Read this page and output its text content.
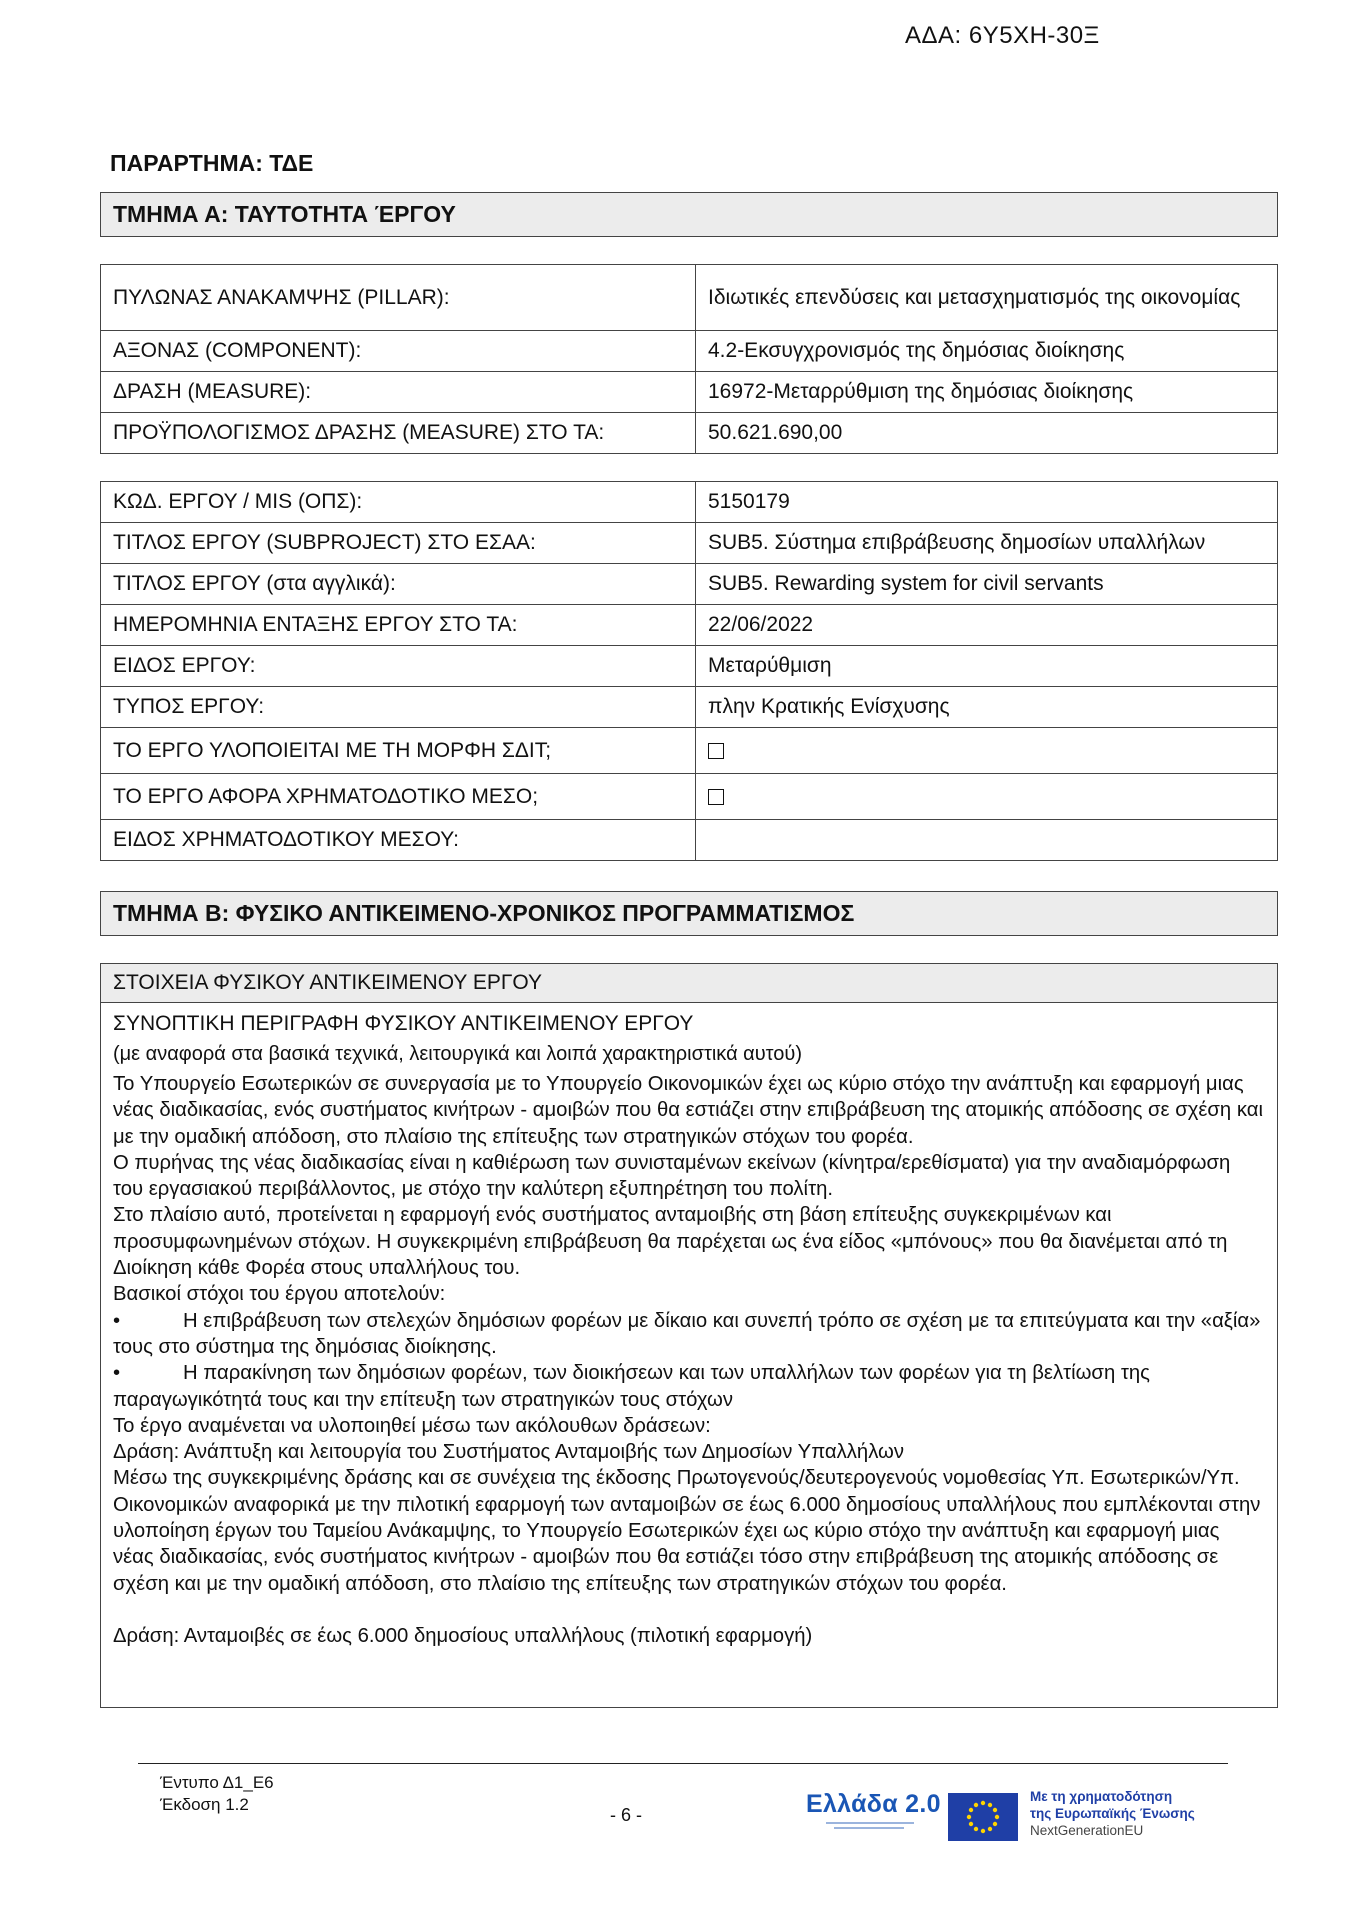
ΑΔΑ: 6Υ5ΧΗ-30Ξ
ΠΑΡΑΡΤΗΜΑ: ΤΔΕ
ΤΜΗΜΑ Α: ΤΑΥΤΟΤΗΤΑ ΈΡΓΟΥ
ΠΥΛΩΝΑΣ ΑΝΑΚΑΜΨΗΣ (PILLAR):	Ιδιωτικές επενδύσεις και μετασχηματισμός της οικονομίας
ΑΞΟΝΑΣ (COMPONENT):	4.2-Εκσυγχρονισμός της δημόσιας διοίκησης
ΔΡΑΣΗ (MEASURE):	16972-Μεταρρύθμιση της δημόσιας διοίκησης
ΠΡΟΫΠΟΛΟΓΙΣΜΟΣ ΔΡΑΣΗΣ (MEASURE) ΣΤΟ ΤΑ:	50.621.690,00
ΚΩΔ. ΕΡΓΟΥ / MIS (ΟΠΣ):	5150179
ΤΙΤΛΟΣ ΕΡΓΟΥ (SUBPROJECT) ΣΤΟ ΕΣΑΑ:	SUB5. Σύστημα επιβράβευσης δημοσίων υπαλλήλων
ΤΙΤΛΟΣ ΕΡΓΟΥ (στα αγγλικά):	SUB5. Rewarding system for civil servants
ΗΜΕΡΟΜΗΝΙΑ ΕΝΤΑΞΗΣ ΕΡΓΟΥ ΣΤΟ ΤΑ:	22/06/2022
ΕΙΔΟΣ ΕΡΓΟΥ:	Μεταρύθμιση
ΤΥΠΟΣ ΕΡΓΟΥ:	πλην Κρατικής Ενίσχυσης
ΤΟ ΕΡΓΟ ΥΛΟΠΟΙΕΙΤΑΙ ΜΕ ΤΗ ΜΟΡΦΗ ΣΔΙΤ;	
ΤΟ ΕΡΓΟ ΑΦΟΡΑ ΧΡΗΜΑΤΟΔΟΤΙΚΟ ΜΕΣΟ;	
ΕΙΔΟΣ ΧΡΗΜΑΤΟΔΟΤΙΚΟΥ ΜΕΣΟΥ:	
ΤΜΗΜΑ Β: ΦΥΣΙΚΟ ΑΝΤΙΚΕΙΜΕΝΟ-ΧΡΟΝΙΚΟΣ ΠΡΟΓΡΑΜΜΑΤΙΣΜΟΣ
ΣΤΟΙΧΕΙΑ ΦΥΣΙΚΟΥ ΑΝΤΙΚΕΙΜΕΝΟΥ ΕΡΓΟΥ
ΣΥΝΟΠΤΙΚΗ ΠΕΡΙΓΡΑΦΗ ΦΥΣΙΚΟΥ ΑΝΤΙΚΕΙΜΕΝΟΥ ΕΡΓΟΥ
(με αναφορά στα βασικά τεχνικά, λειτουργικά και λοιπά χαρακτηριστικά αυτού)
Το Υπουργείο Εσωτερικών σε συνεργασία με το Υπουργείο Οικονομικών έχει ως κύριο στόχο την ανάπτυξη και εφαρμογή μιας νέας διαδικασίας, ενός συστήματος κινήτρων - αμοιβών που θα εστιάζει στην επιβράβευση της ατομικής απόδοσης σε σχέση και με την ομαδική απόδοση, στο πλαίσιο της επίτευξης των στρατηγικών στόχων του φορέα.
Ο πυρήνας της νέας διαδικασίας είναι η καθιέρωση των συνισταμένων εκείνων (κίνητρα/ερεθίσματα) για την αναδιαμόρφωση του εργασιακού περιβάλλοντος, με στόχο την καλύτερη εξυπηρέτηση του πολίτη.
Στο πλαίσιο αυτό, προτείνεται η εφαρμογή ενός συστήματος ανταμοιβής στη βάση επίτευξης συγκεκριμένων και προσυμφωνημένων στόχων. Η συγκεκριμένη επιβράβευση θα παρέχεται ως ένα είδος «μπόνους» που θα διανέμεται από τη Διοίκηση κάθε Φορέα στους υπαλλήλους του.
Βασικοί στόχοι του έργου αποτελούν:
•	Η επιβράβευση των στελεχών δημόσιων φορέων με δίκαιο και συνεπή τρόπο σε σχέση με τα επιτεύγματα και την «αξία» τους στο σύστημα της δημόσιας διοίκησης.
•	Η παρακίνηση των δημόσιων φορέων, των διοικήσεων και των υπαλλήλων των φορέων για τη βελτίωση της παραγωγικότητά τους και την επίτευξη των στρατηγικών τους στόχων
Το έργο αναμένεται να υλοποιηθεί μέσω των ακόλουθων δράσεων:
Δράση: Ανάπτυξη και λειτουργία του Συστήματος Ανταμοιβής των Δημοσίων Υπαλλήλων
Μέσω της συγκεκριμένης δράσης και σε συνέχεια της έκδοσης Πρωτογενούς/δευτερογενούς νομοθεσίας Υπ. Εσωτερικών/Υπ. Οικονομικών αναφορικά με την πιλοτική εφαρμογή των ανταμοιβών σε έως 6.000 δημοσίους υπαλλήλους που εμπλέκονται στην υλοποίηση έργων του Ταμείου Ανάκαμψης, το Υπουργείο Εσωτερικών έχει ως κύριο στόχο την ανάπτυξη και εφαρμογή μιας νέας διαδικασίας, ενός συστήματος κινήτρων - αμοιβών που θα εστιάζει τόσο στην επιβράβευση της ατομικής απόδοσης σε σχέση και με την ομαδική απόδοση, στο πλαίσιο της επίτευξης των στρατηγικών στόχων του φορέα.
Δράση: Ανταμοιβές σε έως 6.000 δημοσίους υπαλλήλους (πιλοτική εφαρμογή)
Έντυπο Δ1_Ε6
Έκδοση 1.2
- 6 -	Ελλάδα 2.0	Με τη χρηματοδότηση
της Ευρωπαϊκής Ένωσης
NextGenerationEU
